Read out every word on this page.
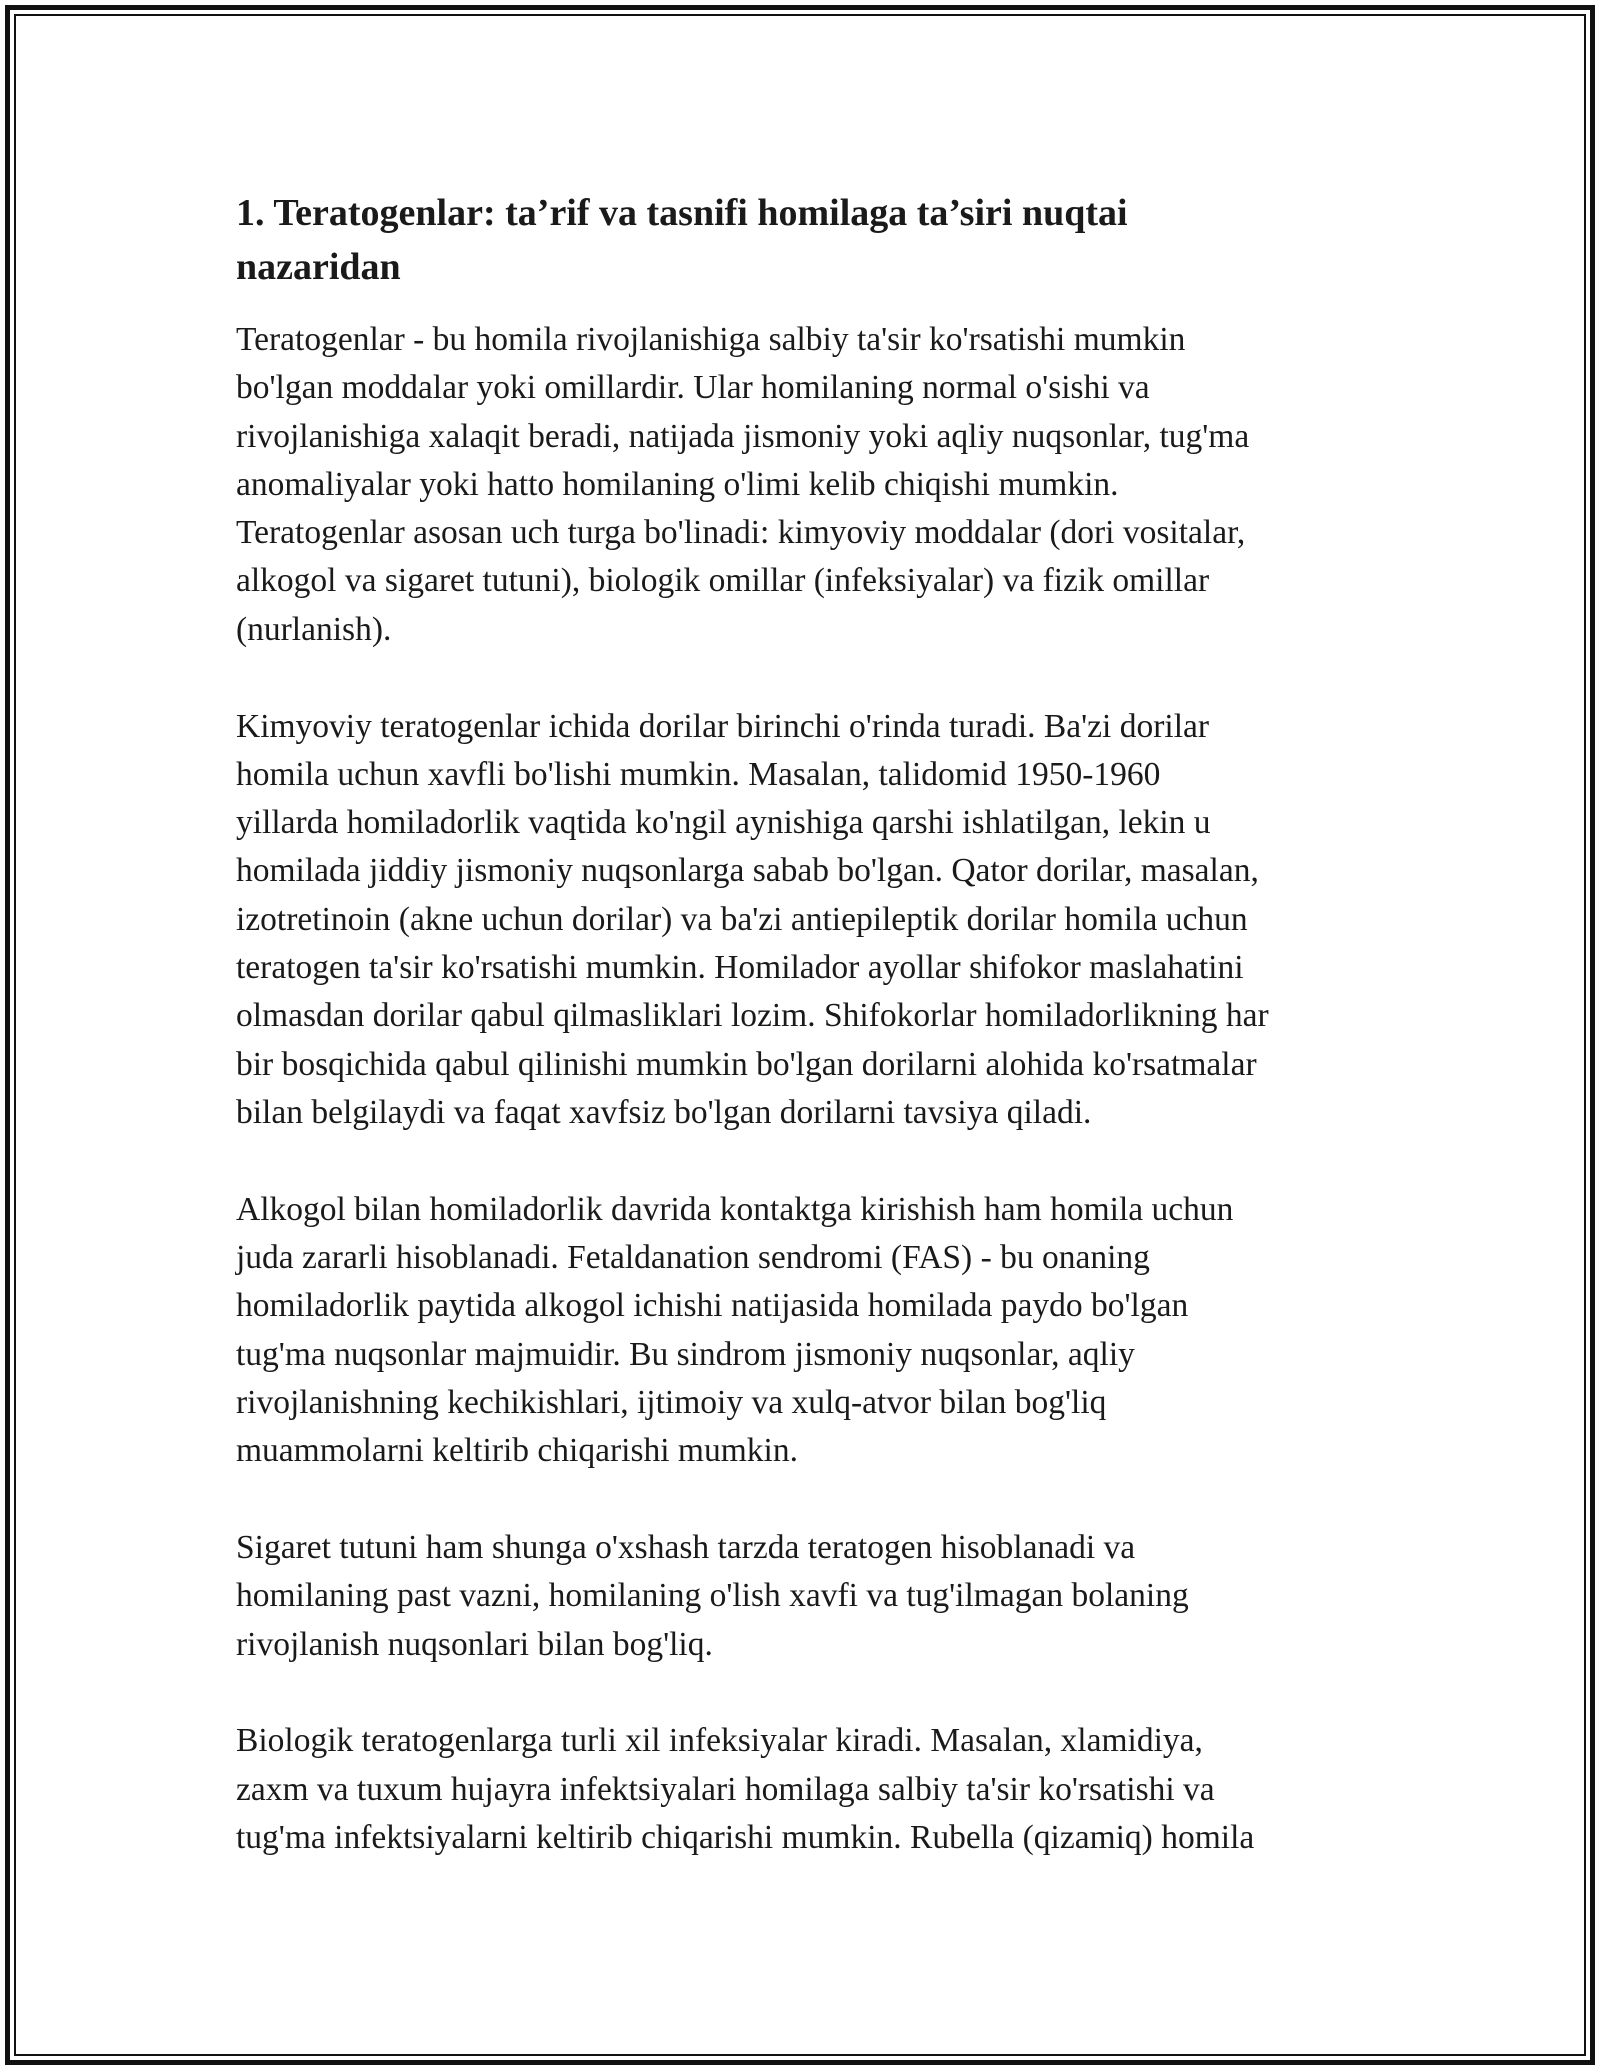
1. Teratogenlar: ta’rif va tasnifi homilaga ta’siri nuqtai
nazaridan

Teratogenlar - bu homila rivojlanishiga salbiy ta'sir ko'rsatishi mumkin
bo'lgan moddalar yoki omillardir. Ular homilaning normal o'sishi va
rivojlanishiga xalaqit beradi, natijada jismoniy yoki aqliy nuqsonlar, tug'ma
anomaliyalar yoki hatto homilaning o'limi kelib chiqishi mumkin.
Teratogenlar asosan uch turga bo'linadi: kimyoviy moddalar (dori vositalar,
alkogol va sigaret tutuni), biologik omillar (infeksiyalar) va fizik omillar
(nurlanish).

Kimyoviy teratogenlar ichida dorilar birinchi o'rinda turadi. Ba'zi dorilar
homila uchun xavfli bo'lishi mumkin. Masalan, talidomid 1950-1960
yillarda homiladorlik vaqtida ko'ngil aynishiga qarshi ishlatilgan, lekin u
homilada jiddiy jismoniy nuqsonlarga sabab bo'lgan. Qator dorilar, masalan,
izotretinoin (akne uchun dorilar) va ba'zi antiepileptik dorilar homila uchun
teratogen ta'sir ko'rsatishi mumkin. Homilador ayollar shifokor maslahatini
olmasdan dorilar qabul qilmasliklari lozim. Shifokorlar homiladorlikning har
bir bosqichida qabul qilinishi mumkin bo'lgan dorilarni alohida ko'rsatmalar
bilan belgilaydi va faqat xavfsiz bo'lgan dorilarni tavsiya qiladi.

Alkogol bilan homiladorlik davrida kontaktga kirishish ham homila uchun
juda zararli hisoblanadi. Fetaldanation sendromi (FAS) - bu onaning
homiladorlik paytida alkogol ichishi natijasida homilada paydo bo'lgan
tug'ma nuqsonlar majmuidir. Bu sindrom jismoniy nuqsonlar, aqliy
rivojlanishning kechikishlari, ijtimoiy va xulq-atvor bilan bog'liq
muammolarni keltirib chiqarishi mumkin.

Sigaret tutuni ham shunga o'xshash tarzda teratogen hisoblanadi va
homilaning past vazni, homilaning o'lish xavfi va tug'ilmagan bolaning
rivojlanish nuqsonlari bilan bog'liq.

Biologik teratogenlarga turli xil infeksiyalar kiradi. Masalan, xlamidiya,
zaxm va tuxum hujayra infektsiyalari homilaga salbiy ta'sir ko'rsatishi va
tug'ma infektsiyalarni keltirib chiqarishi mumkin. Rubella (qizamiq) homila
